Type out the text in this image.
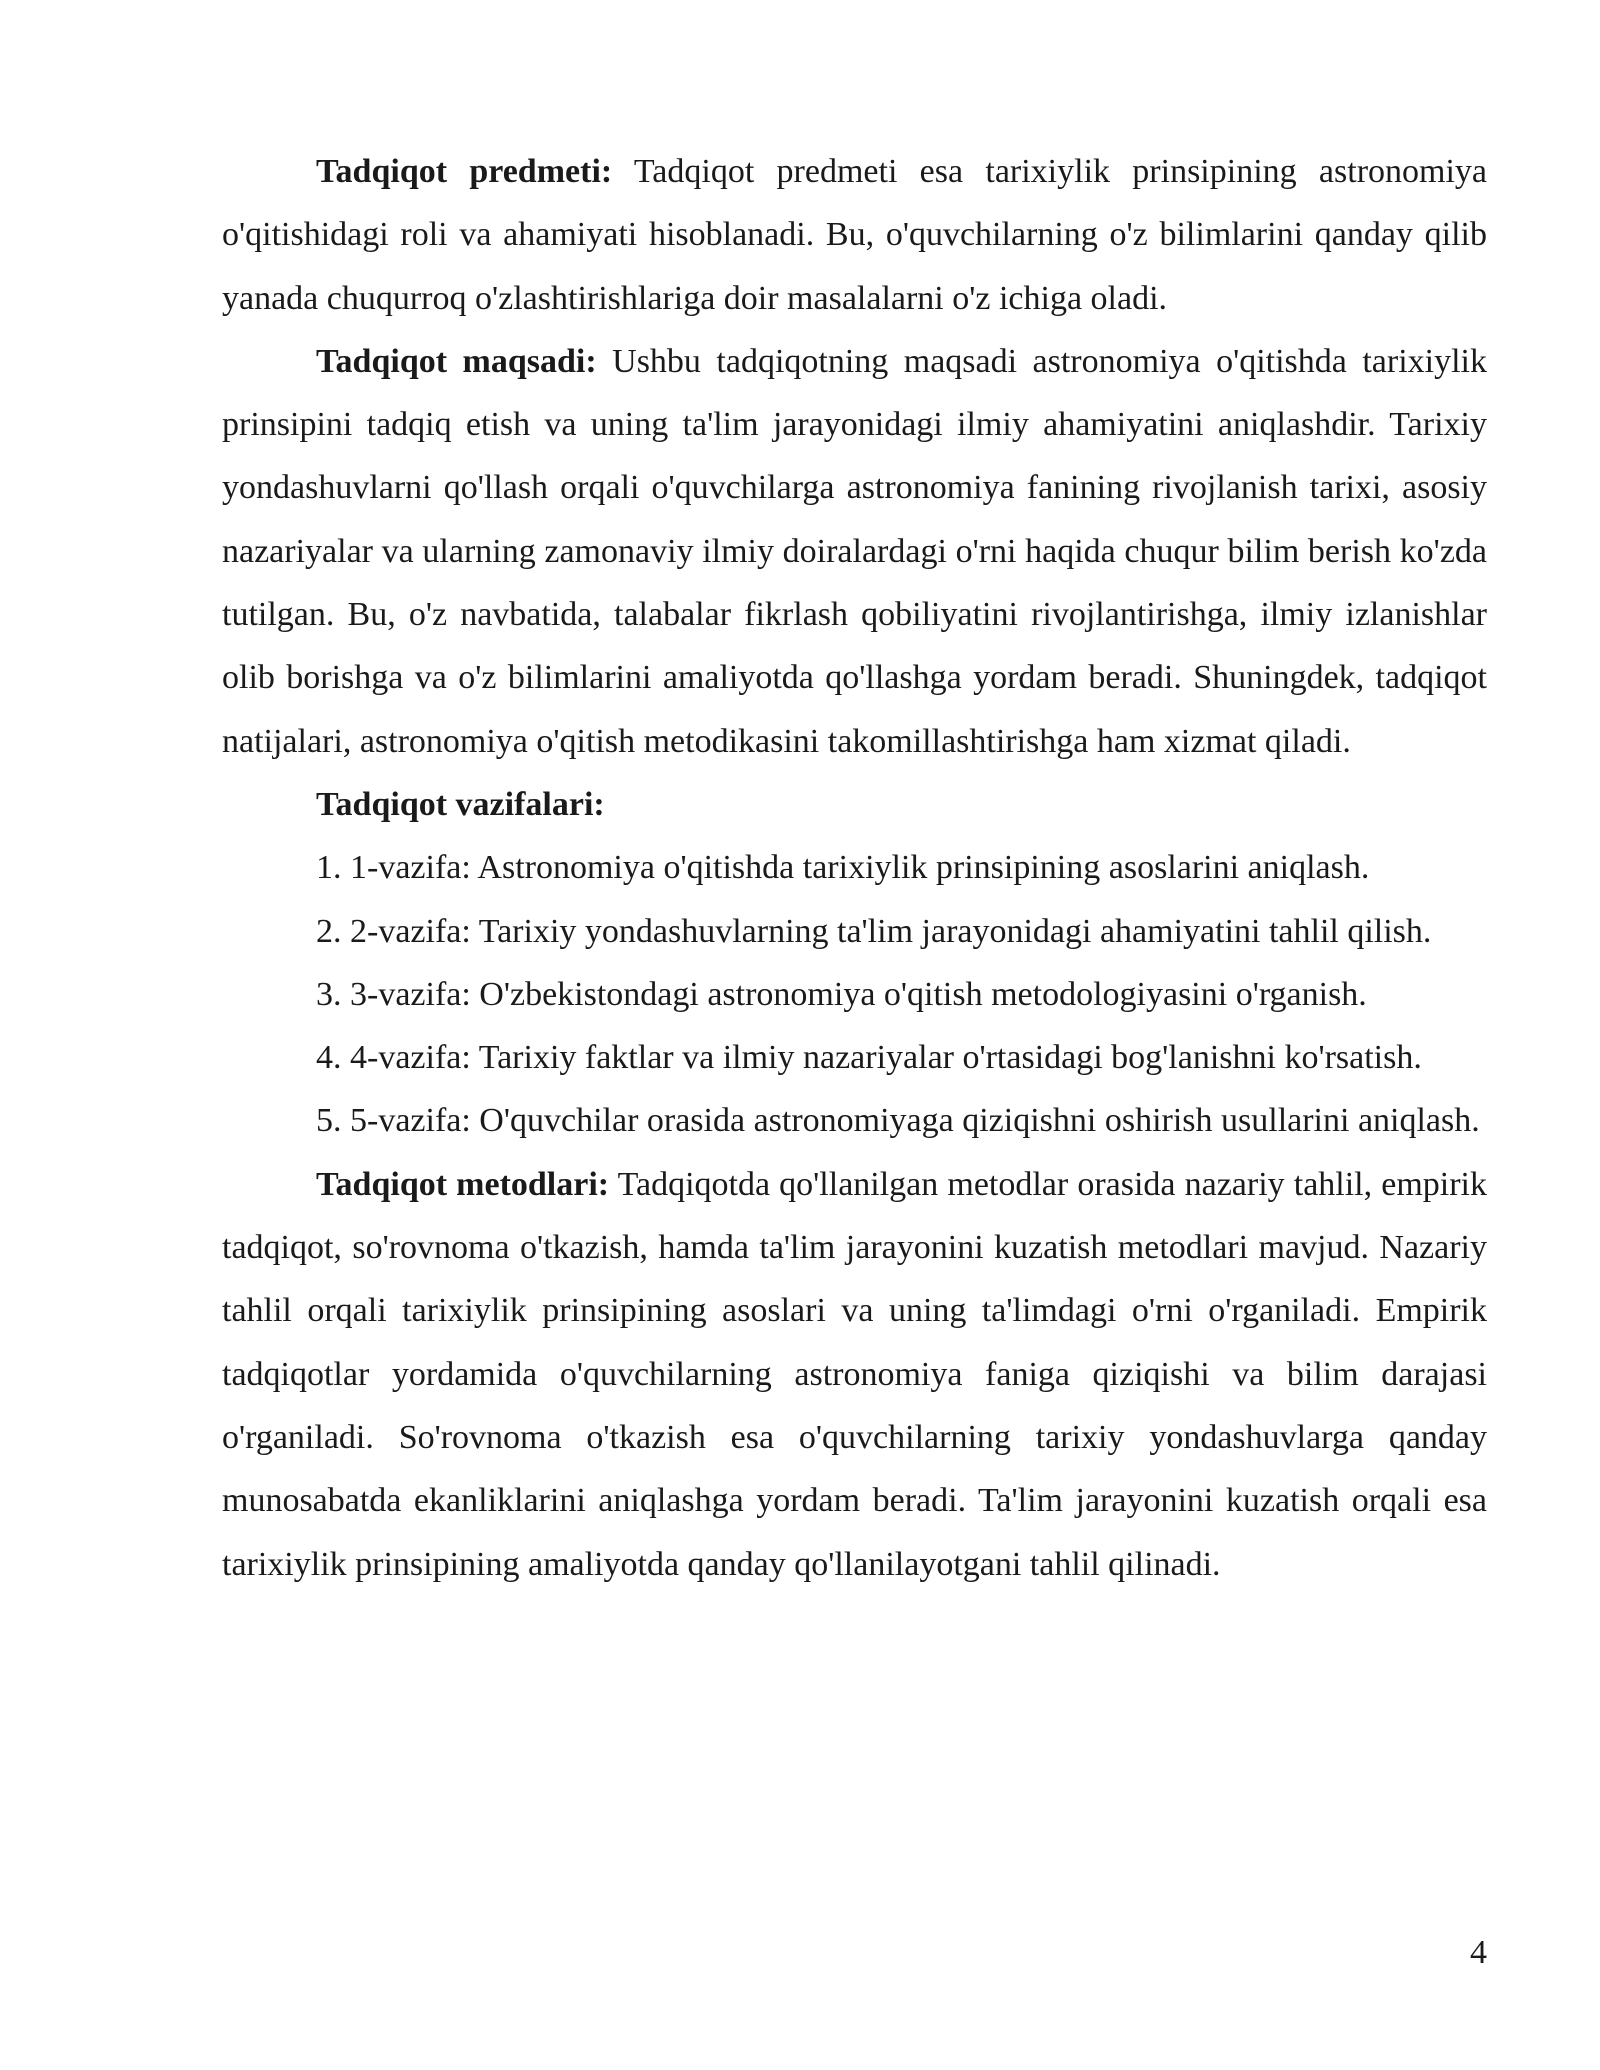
Tadqiqot predmeti: Tadqiqot predmeti esa tarixiylik prinsipining astronomiya o'qitishidagi roli va ahamiyati hisoblanadi. Bu, o'quvchilarning o'z bilimlarini qanday qilib yanada chuqurroq o'zlashtirishlariga doir masalalarni o'z ichiga oladi.

Tadqiqot maqsadi: Ushbu tadqiqotning maqsadi astronomiya o'qitishda tarixiylik prinsipini tadqiq etish va uning ta'lim jarayonidagi ilmiy ahamiyatini aniqlashdir. Tarixiy yondashuvlarni qo'llash orqali o'quvchilarga astronomiya fanining rivojlanish tarixi, asosiy nazariyalar va ularning zamonaviy ilmiy doiralardagi o'rni haqida chuqur bilim berish ko'zda tutilgan. Bu, o'z navbatida, talabalar fikrlash qobiliyatini rivojlantirishga, ilmiy izlanishlar olib borishga va o'z bilimlarini amaliyotda qo'llashga yordam beradi. Shuningdek, tadqiqot natijalari, astronomiya o'qitish metodikasini takomillashtirishga ham xizmat qiladi.

Tadqiqot vazifalari:

1. 1-vazifa: Astronomiya o'qitishda tarixiylik prinsipining asoslarini aniqlash.

2. 2-vazifa: Tarixiy yondashuvlarning ta'lim jarayonidagi ahamiyatini tahlil qilish.

3. 3-vazifa: O'zbekistondagi astronomiya o'qitish metodologiyasini o'rganish.

4. 4-vazifa: Tarixiy faktlar va ilmiy nazariyalar o'rtasidagi bog'lanishni ko'rsatish.

5. 5-vazifa: O'quvchilar orasida astronomiyaga qiziqishni oshirish usullarini aniqlash.

Tadqiqot metodlari: Tadqiqotda qo'llanilgan metodlar orasida nazariy tahlil, empirik tadqiqot, so'rovnoma o'tkazish, hamda ta'lim jarayonini kuzatish metodlari mavjud. Nazariy tahlil orqali tarixiylik prinsipining asoslari va uning ta'limdagi o'rni o'rganiladi. Empirik tadqiqotlar yordamida o'quvchilarning astronomiya faniga qiziqishi va bilim darajasi o'rganiladi. So'rovnoma o'tkazish esa o'quvchilarning tarixiy yondashuvlarga qanday munosabatda ekanliklarini aniqlashga yordam beradi. Ta'lim jarayonini kuzatish orqali esa tarixiylik prinsipining amaliyotda qanday qo'llanilayotgani tahlil qilinadi.

4
